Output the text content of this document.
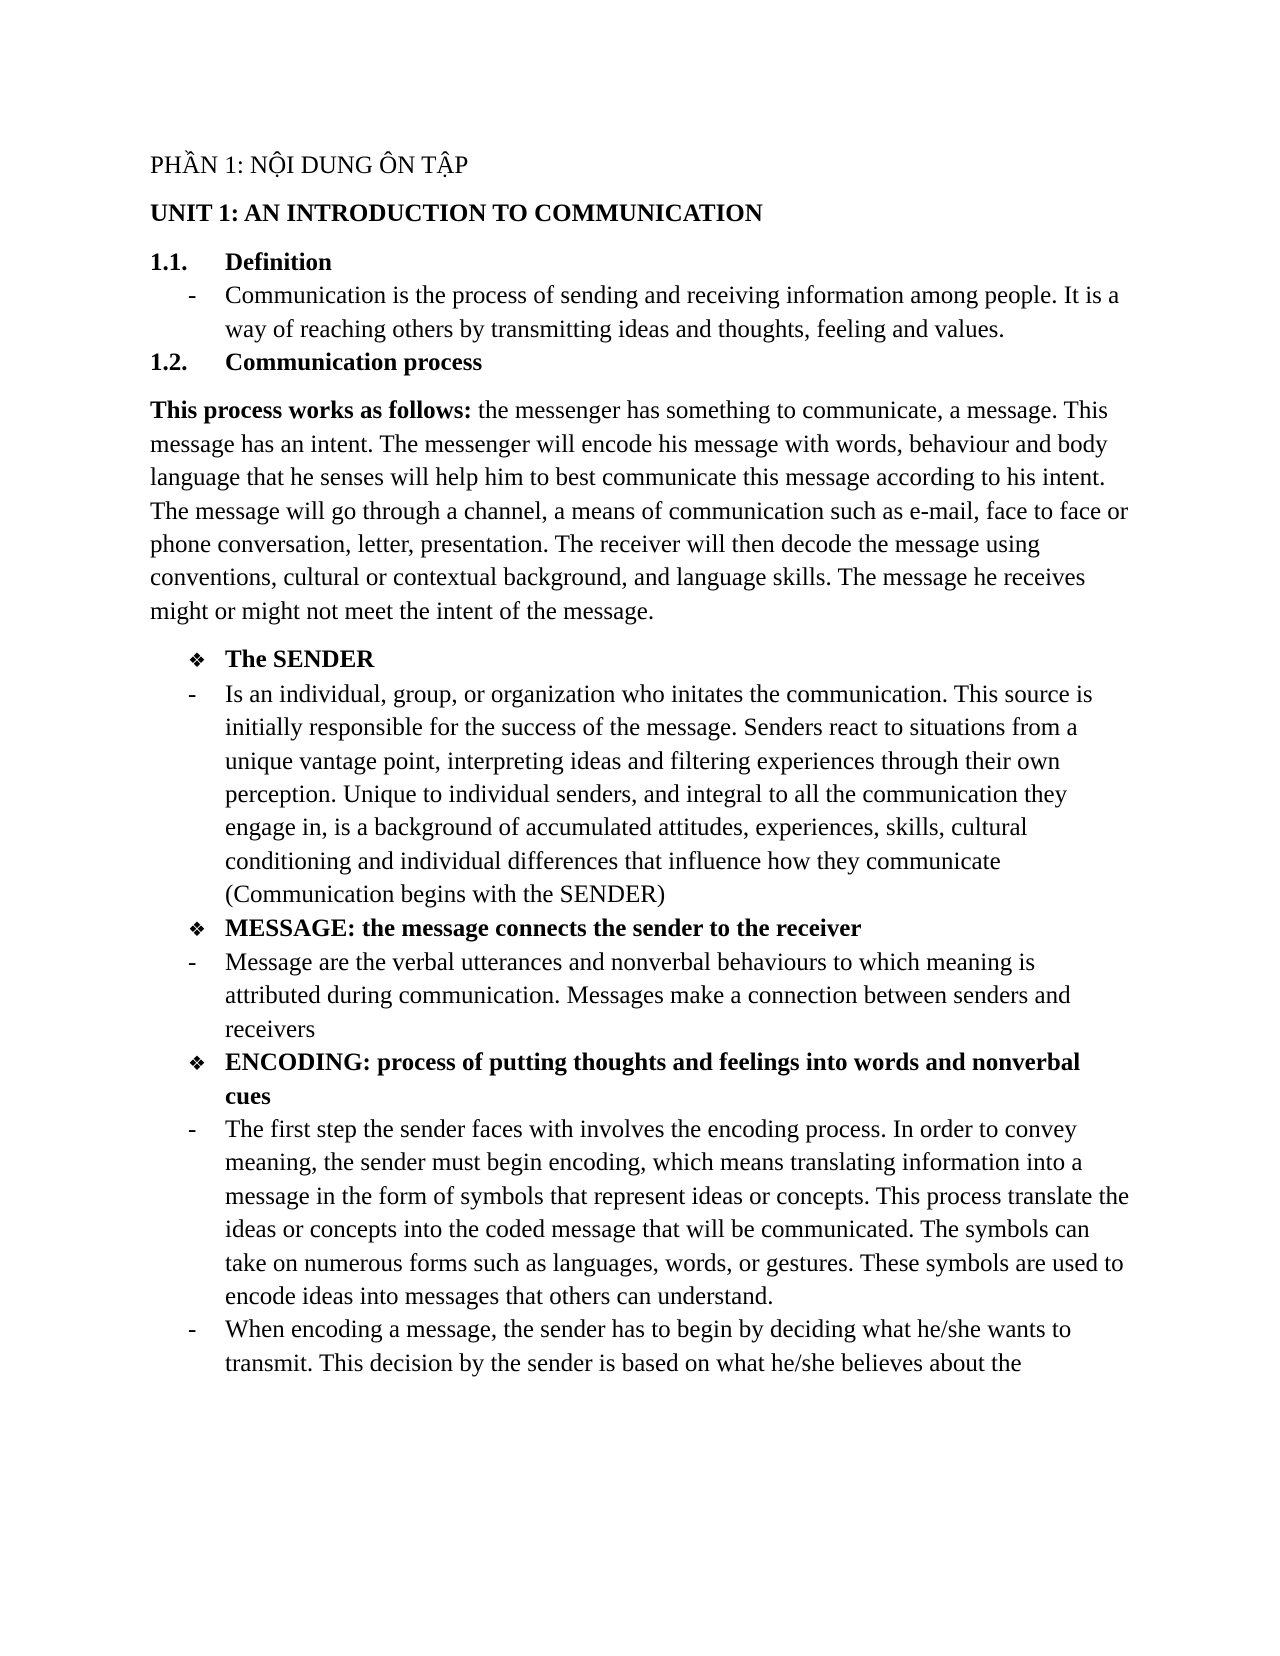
PHẦN 1: NỘI DUNG ÔN TẬP

UNIT 1: AN INTRODUCTION TO COMMUNICATION

1.1.	Definition
-	Communication is the process of sending and receiving information among people. It is a way of reaching others by transmitting ideas and thoughts, feeling and values.
1.2.	Communication process

This process works as follows: the messenger has something to communicate, a message. This message has an intent. The messenger will encode his message with words, behaviour and body language that he senses will help him to best communicate this message according to his intent. The message will go through a channel, a means of communication such as e-mail, face to face or phone conversation, letter, presentation. The receiver will then decode the message using conventions, cultural or contextual background, and language skills. The message he receives might or might not meet the intent of the message.

❖ The SENDER
-	Is an individual, group, or organization who initates the communication. This source is initially responsible for the success of the message. Senders react to situations from a unique vantage point, interpreting ideas and filtering experiences through their own perception. Unique to individual senders, and integral to all the communication they engage in, is a background of accumulated attitudes, experiences, skills, cultural conditioning and individual differences that influence how they communicate (Communication begins with the SENDER)
❖ MESSAGE: the message connects the sender to the receiver
-	Message are the verbal utterances and nonverbal behaviours to which meaning is attributed during communication. Messages make a connection between senders and receivers
❖ ENCODING: process of putting thoughts and feelings into words and nonverbal cues
-	The first step the sender faces with involves the encoding process. In order to convey meaning, the sender must begin encoding, which means translating information into a message in the form of symbols that represent ideas or concepts. This process translate the ideas or concepts into the coded message that will be communicated. The symbols can take on numerous forms such as languages, words, or gestures. These symbols are used to encode ideas into messages that others can understand.
-	When encoding a message, the sender has to begin by deciding what he/she wants to transmit. This decision by the sender is based on what he/she believes about the
